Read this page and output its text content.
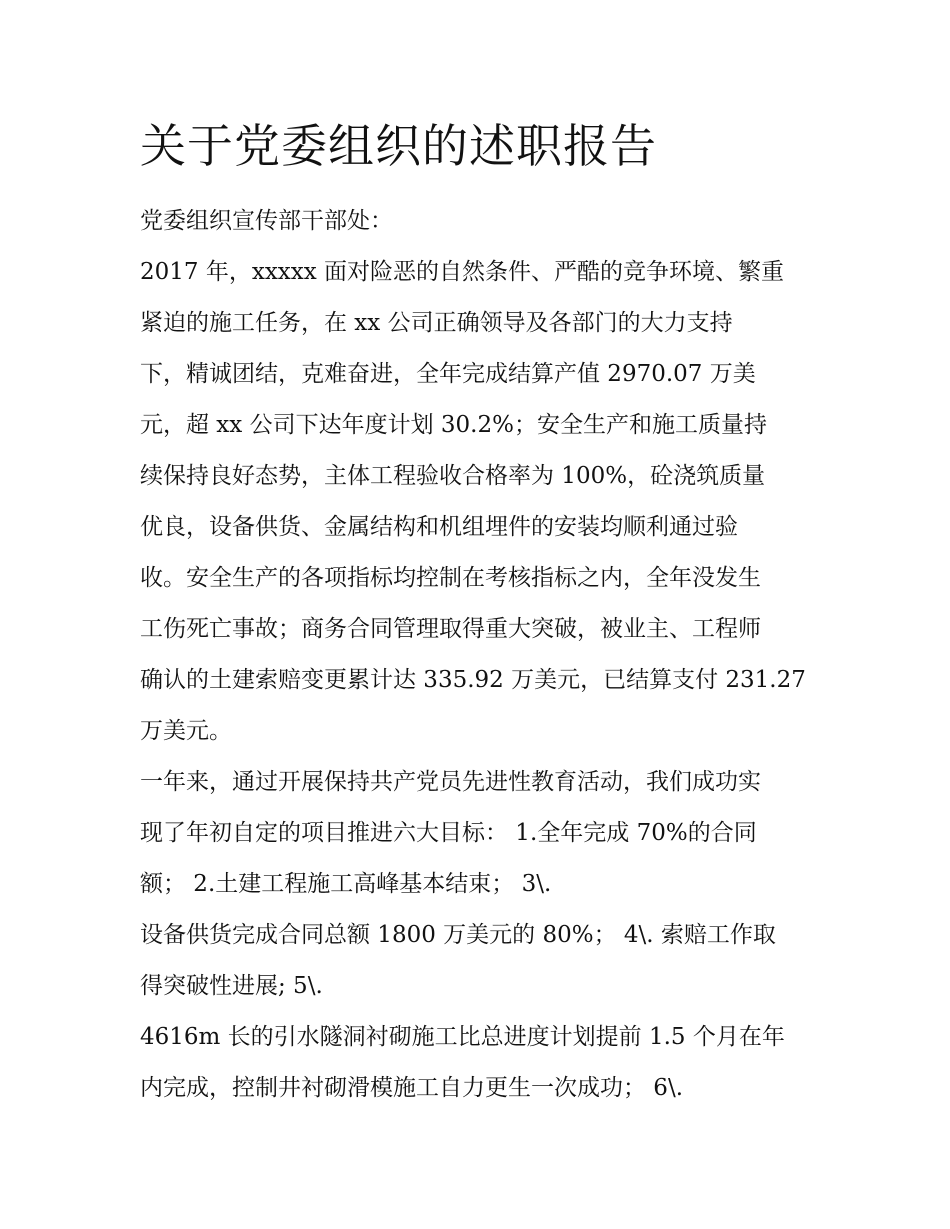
关于党委组织的述职报告

党委组织宣传部干部处：

2017 年，xxxxx 面对险恶的自然条件、严酷的竞争环境、繁重

紧迫的施工任务，在 xx 公司正确领导及各部门的大力支持

下，精诚团结，克难奋进，全年完成结算产值 2970.07 万美

元，超 xx 公司下达年度计划 30.2%；安全生产和施工质量持

续保持良好态势，主体工程验收合格率为 100%，砼浇筑质量

优良，设备供货、金属结构和机组埋件的安装均顺利通过验

收。安全生产的各项指标均控制在考核指标之内，全年没发生

工伤死亡事故；商务合同管理取得重大突破，被业主、工程师

确认的土建索赔变更累计达 335.92 万美元，已结算支付 231.27

万美元。

一年来，通过开展保持共产党员先进性教育活动，我们成功实

现了年初自定的项目推进六大目标： 1.全年完成 70%的合同

额； 2.土建工程施工高峰基本结束； 3\.

设备供货完成合同总额 1800 万美元的 80%； 4\. 索赔工作取

得突破性进展; 5\.

4616m 长的引水隧洞衬砌施工比总进度计划提前 1.5 个月在年

内完成，控制井衬砌滑模施工自力更生一次成功； 6\.
